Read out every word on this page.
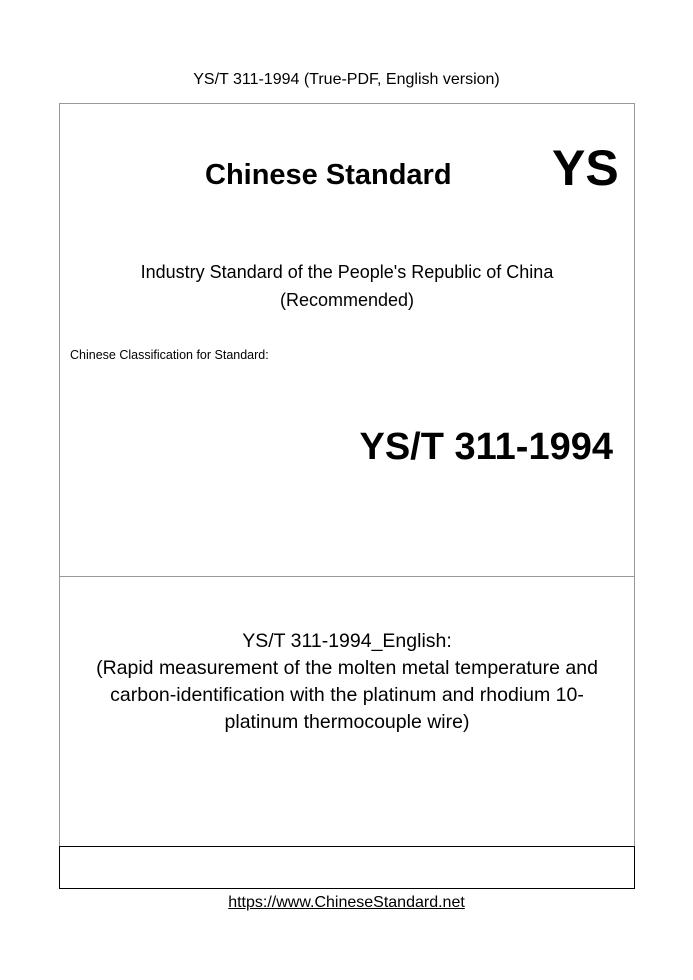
YS/T 311-1994 (True-PDF, English version)
Chinese Standard YS
Industry Standard of the People's Republic of China
(Recommended)
Chinese Classification for Standard:
YS/T 311-1994
YS/T 311-1994_English:
(Rapid measurement of the molten metal temperature and
carbon-identification with the platinum and rhodium 10-
platinum thermocouple wire)
https://www.ChineseStandard.net
